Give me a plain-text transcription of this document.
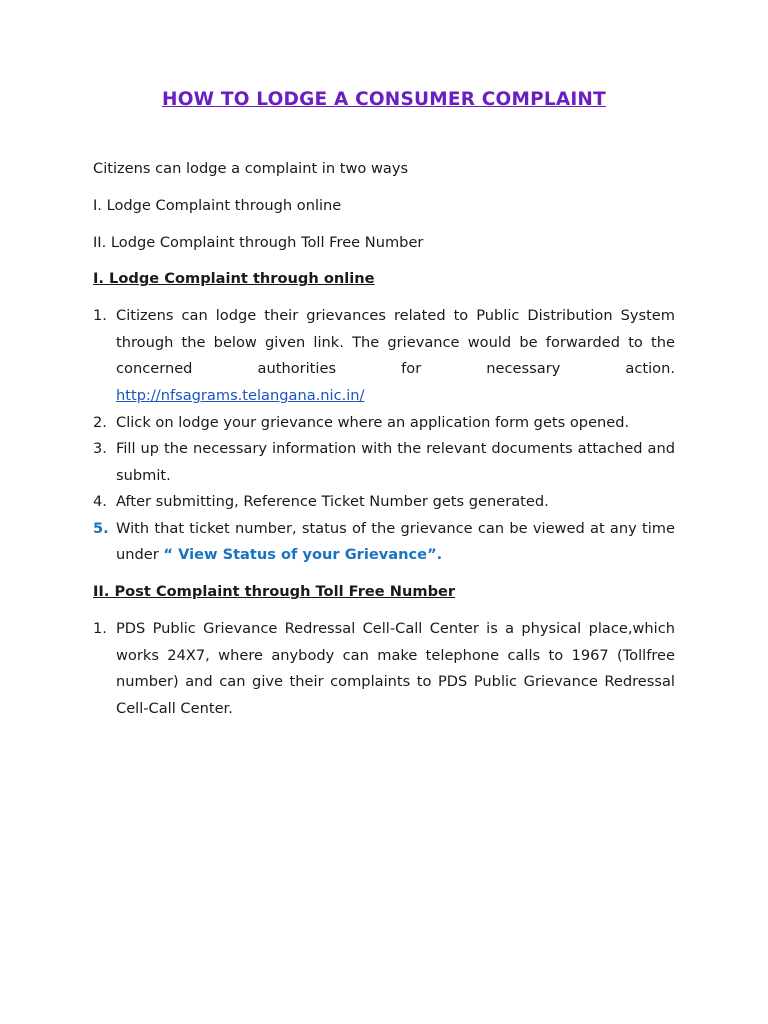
HOW TO LODGE A CONSUMER COMPLAINT
Citizens can lodge a complaint in two ways
I. Lodge Complaint through online
II. Lodge Complaint through Toll Free Number
I. Lodge Complaint through online
1. Citizens can lodge their grievances related to Public Distribution System through the below given link. The grievance would be forwarded to the concerned authorities for necessary action. http://nfsagrams.telangana.nic.in/
2. Click on lodge your grievance where an application form gets opened.
3. Fill up the necessary information with the relevant documents attached and submit.
4. After submitting, Reference Ticket Number gets generated.
5. With that ticket number, status of the grievance can be viewed at any time under “ View Status of your Grievance”.
II. Post Complaint through Toll Free Number
1. PDS Public Grievance Redressal Cell-Call Center is a physical place,which works 24X7, where anybody can make telephone calls to 1967 (Tollfree number) and can give their complaints to PDS Public Grievance Redressal Cell-Call Center.
